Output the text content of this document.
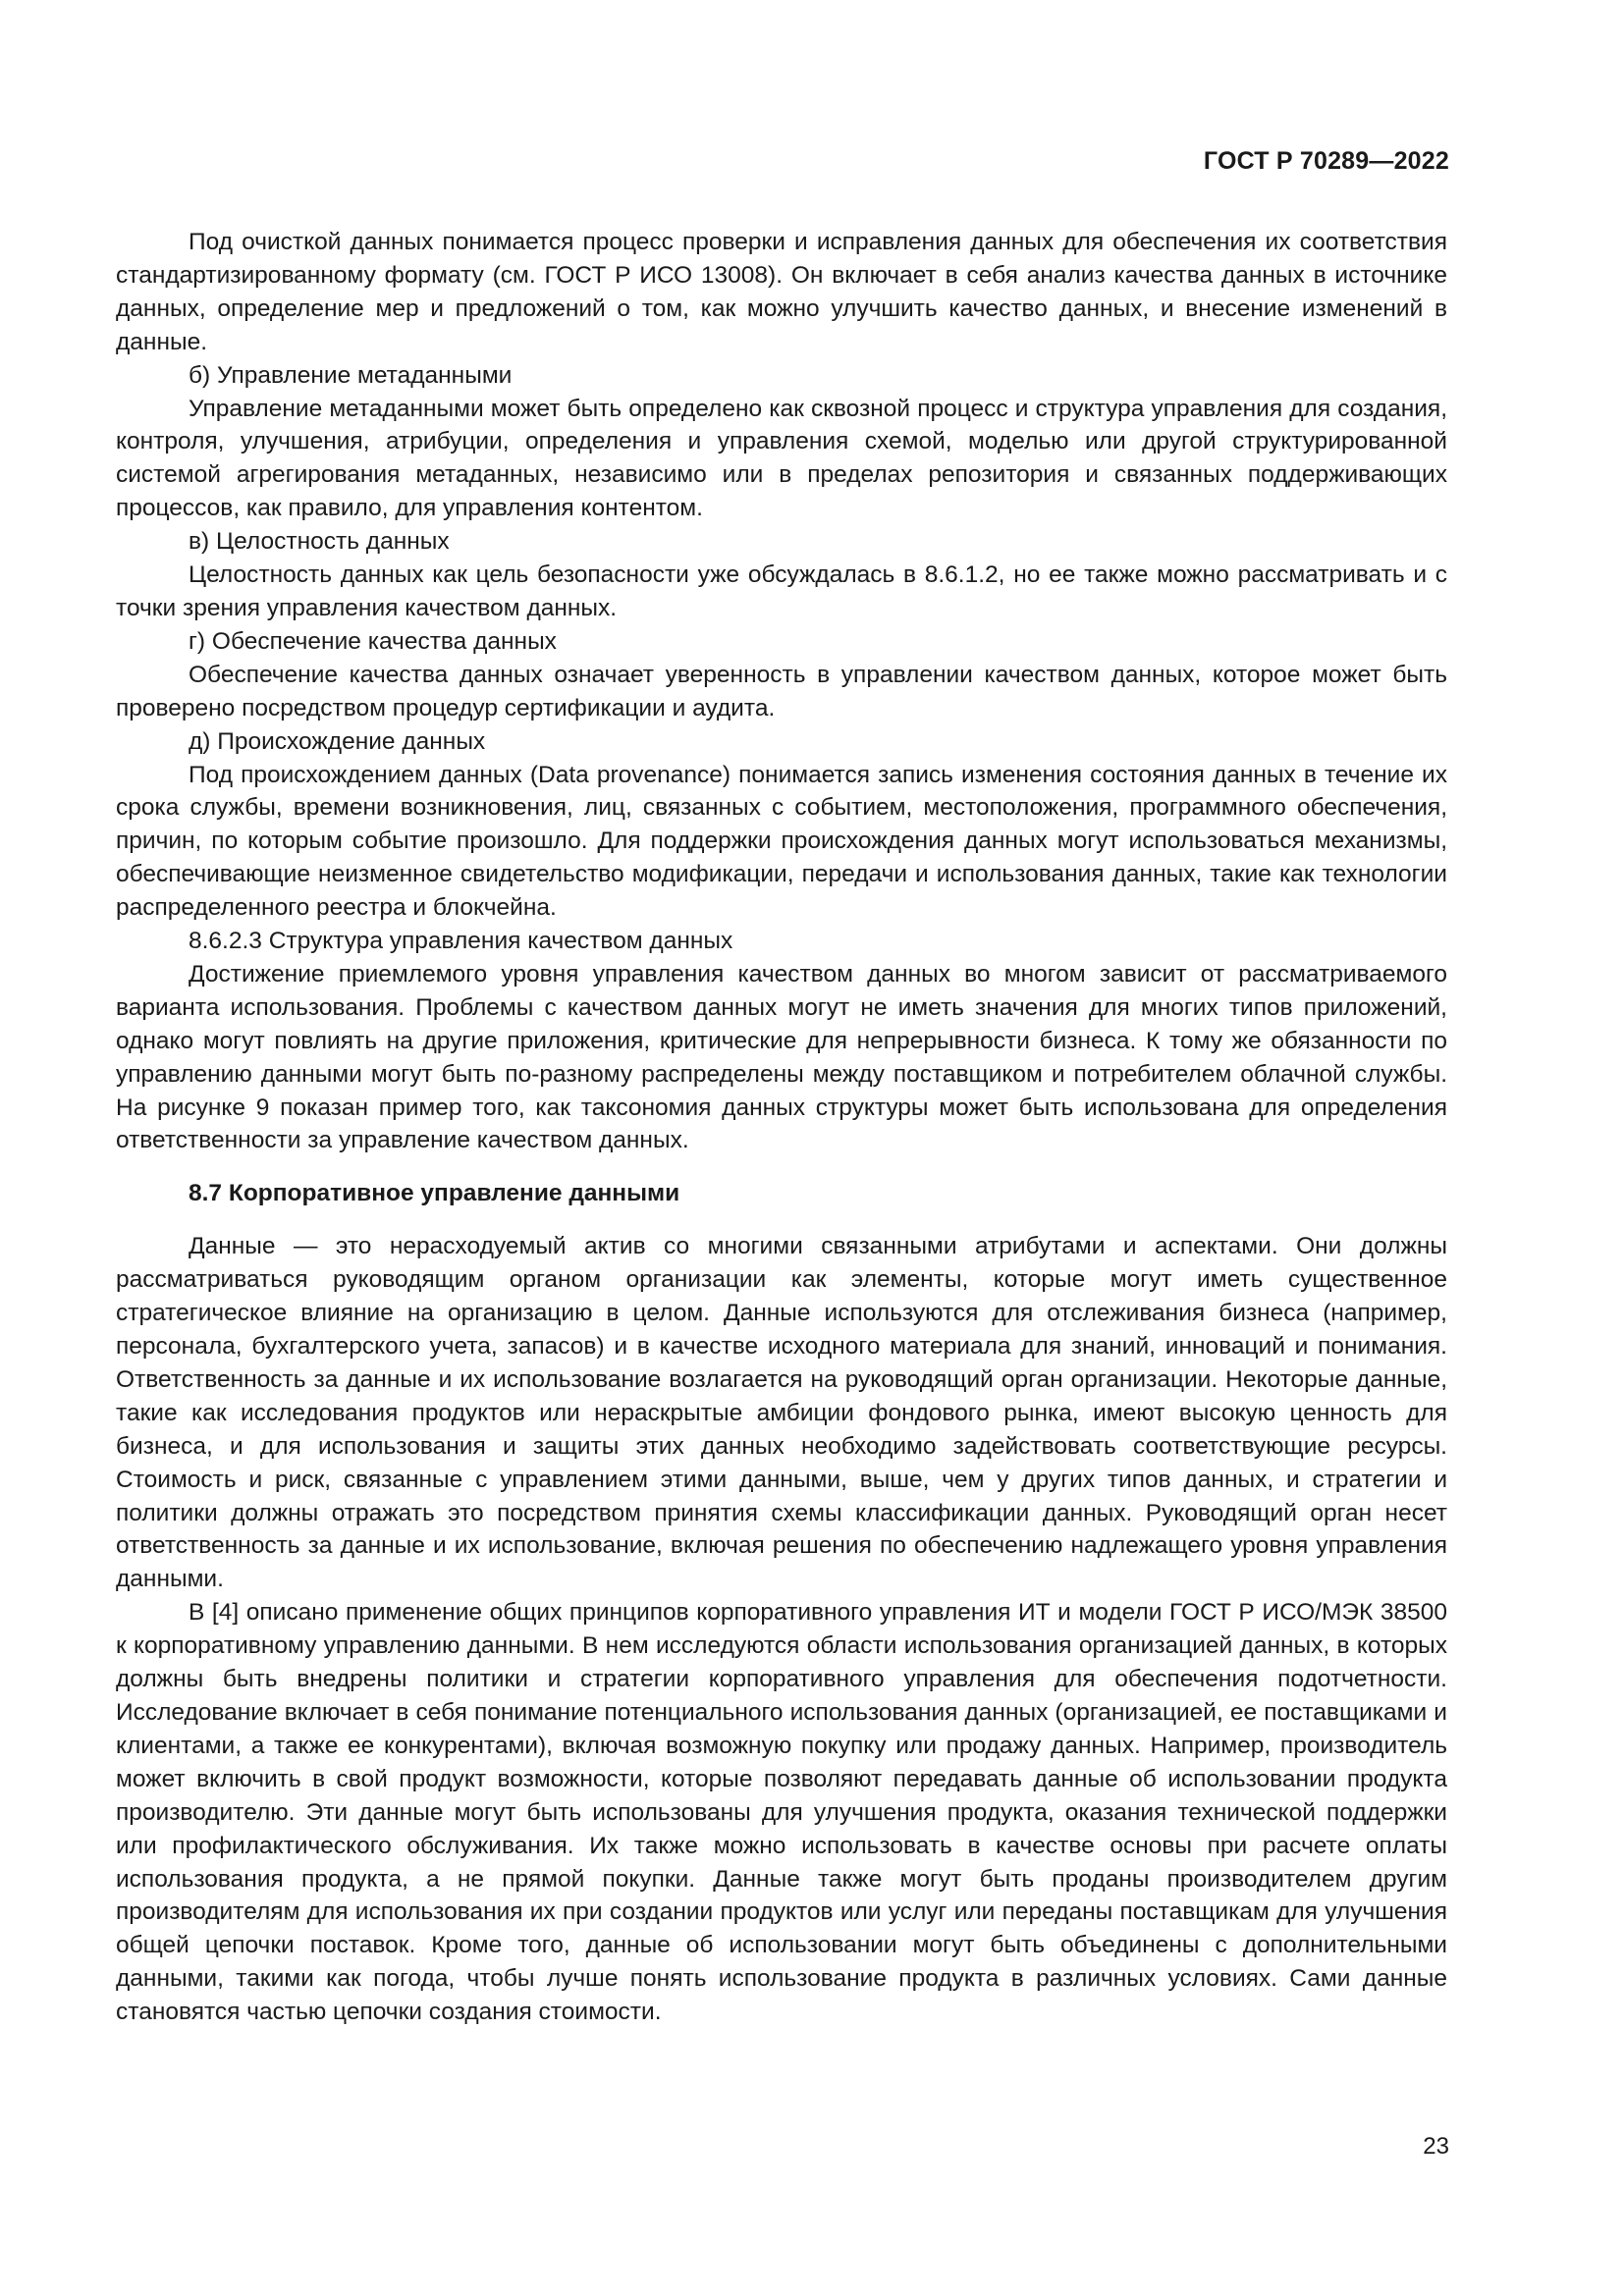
ГОСТ Р 70289—2022

Под очисткой данных понимается процесс проверки и исправления данных для обеспечения их соответствия стандартизированному формату (см. ГОСТ Р ИСО 13008). Он включает в себя анализ качества данных в источнике данных, определение мер и предложений о том, как можно улучшить качество данных, и внесение изменений в данные.

б) Управление метаданными

Управление метаданными может быть определено как сквозной процесс и структура управления для создания, контроля, улучшения, атрибуции, определения и управления схемой, моделью или другой структурированной системой агрегирования метаданных, независимо или в пределах репозитория и связанных поддерживающих процессов, как правило, для управления контентом.

в) Целостность данных

Целостность данных как цель безопасности уже обсуждалась в 8.6.1.2, но ее также можно рассматривать и с точки зрения управления качеством данных.

г) Обеспечение качества данных

Обеспечение качества данных означает уверенность в управлении качеством данных, которое может быть проверено посредством процедур сертификации и аудита.

д) Происхождение данных

Под происхождением данных (Data provenance) понимается запись изменения состояния данных в течение их срока службы, времени возникновения, лиц, связанных с событием, местоположения, программного обеспечения, причин, по которым событие произошло. Для поддержки происхождения данных могут использоваться механизмы, обеспечивающие неизменное свидетельство модификации, передачи и использования данных, такие как технологии распределенного реестра и блокчейна.

8.6.2.3 Структура управления качеством данных

Достижение приемлемого уровня управления качеством данных во многом зависит от рассматриваемого варианта использования. Проблемы с качеством данных могут не иметь значения для многих типов приложений, однако могут повлиять на другие приложения, критические для непрерывности бизнеса. К тому же обязанности по управлению данными могут быть по-разному распределены между поставщиком и потребителем облачной службы. На рисунке 9 показан пример того, как таксономия данных структуры может быть использована для определения ответственности за управление качеством данных.

8.7 Корпоративное управление данными

Данные — это нерасходуемый актив со многими связанными атрибутами и аспектами. Они должны рассматриваться руководящим органом организации как элементы, которые могут иметь существенное стратегическое влияние на организацию в целом. Данные используются для отслеживания бизнеса (например, персонала, бухгалтерского учета, запасов) и в качестве исходного материала для знаний, инноваций и понимания. Ответственность за данные и их использование возлагается на руководящий орган организации. Некоторые данные, такие как исследования продуктов или нераскрытые амбиции фондового рынка, имеют высокую ценность для бизнеса, и для использования и защиты этих данных необходимо задействовать соответствующие ресурсы. Стоимость и риск, связанные с управлением этими данными, выше, чем у других типов данных, и стратегии и политики должны отражать это посредством принятия схемы классификации данных. Руководящий орган несет ответственность за данные и их использование, включая решения по обеспечению надлежащего уровня управления данными.

В [4] описано применение общих принципов корпоративного управления ИТ и модели ГОСТ Р ИСО/МЭК 38500 к корпоративному управлению данными. В нем исследуются области использования организацией данных, в которых должны быть внедрены политики и стратегии корпоративного управления для обеспечения подотчетности. Исследование включает в себя понимание потенциального использования данных (организацией, ее поставщиками и клиентами, а также ее конкурентами), включая возможную покупку или продажу данных. Например, производитель может включить в свой продукт возможности, которые позволяют передавать данные об использовании продукта производителю. Эти данные могут быть использованы для улучшения продукта, оказания технической поддержки или профилактического обслуживания. Их также можно использовать в качестве основы при расчете оплаты использования продукта, а не прямой покупки. Данные также могут быть проданы производителем другим производителям для использования их при создании продуктов или услуг или переданы поставщикам для улучшения общей цепочки поставок. Кроме того, данные об использовании могут быть объединены с дополнительными данными, такими как погода, чтобы лучше понять использование продукта в различных условиях. Сами данные становятся частью цепочки создания стоимости.

23
